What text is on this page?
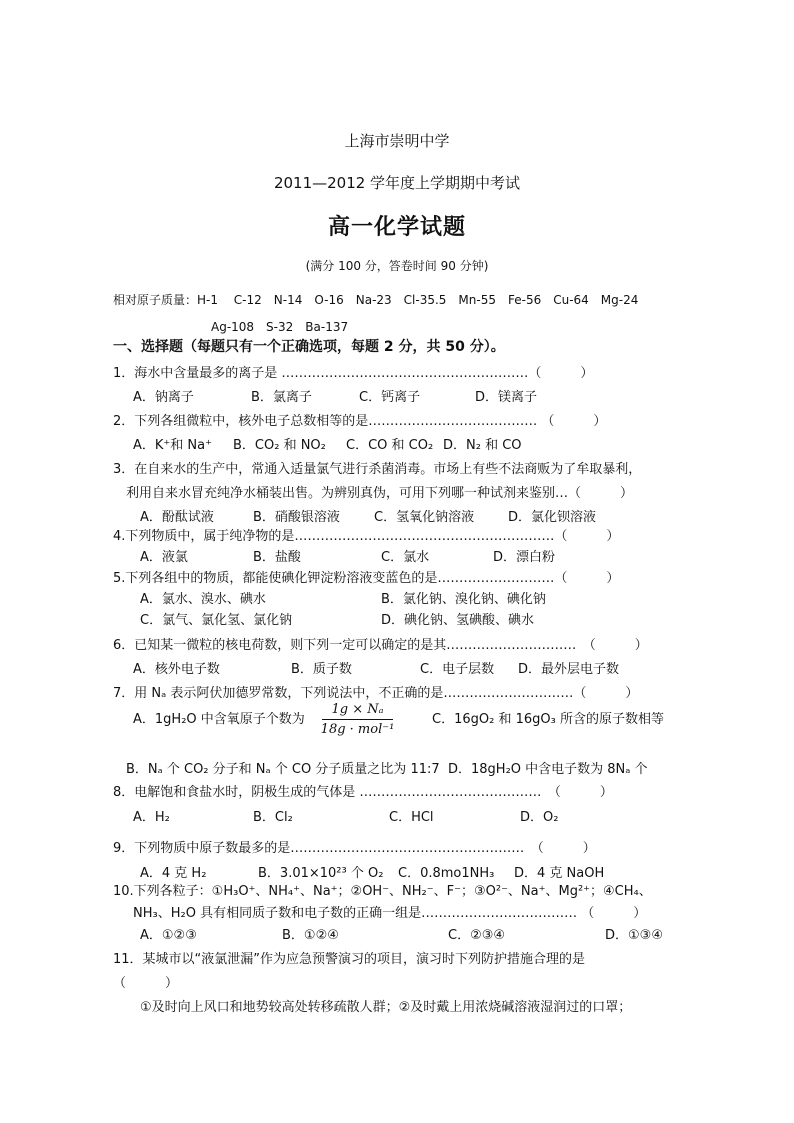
上海市崇明中学
2011—2012 学年度上学期期中考试
高一化学试题
(满分 100 分，答卷时间 90 分钟)
相对原子质量：H-1　 C-12　N-14　O-16　Na-23　Cl-35.5　Mn-55　Fe-56　Cu-64　Mg-24
Ag-108　S-32　Ba-137
一、选择题（每题只有一个正确选项，每题 2 分，共 50 分）。
1．海水中含量最多的离子是 …………………………………………………（　　　）
A．钠离子	B．氯离子	C．钙离子	D．镁离子
2．下列各组微粒中，核外电子总数相等的是………………………………… （　　　）
A．K⁺和 Na⁺ B．CO₂ 和 NO₂ C．CO 和 CO₂ D．N₂ 和 CO
3．在自来水的生产中，常通入适量氯气进行杀菌消毒。市场上有些不法商贩为了牟取暴利，
利用自来水冒充纯净水桶装出售。为辨别真伪，可用下列哪一种试剂来鉴别…（　　　）
A．酚酞试液	B．硝酸银溶液	C．氢氧化钠溶液	D．氯化钡溶液
4.下列物质中，属于纯净物的是……………………………………………………（　　　）
A．液氯	B．盐酸	C．氯水	D．漂白粉
5.下列各组中的物质，都能使碘化钾淀粉溶液变蓝色的是………………………（　　　）
A．氯水、溴水、碘水	B．氯化钠、溴化钠、碘化钠
C．氯气、氯化氢、氯化钠	D．碘化钠、氢碘酸、碘水
6．已知某一微粒的核电荷数，则下列一定可以确定的是其…………………………　（　　　）
A．核外电子数	B．质子数	C．电子层数 D．最外层电子数
7．用 Nₐ 表示阿伏加德罗常数，下列说法中，不正确的是…………………………（　　　）
A．1gH₂O 中含氧原子个数为
1g × Nₐ
18g · mol⁻¹
C．16gO₂ 和 16gO₃ 所含的原子数相等
B．Nₐ 个 CO₂ 分子和 Nₐ 个 CO 分子质量之比为 11:7 D．18gH₂O 中含电子数为 8Nₐ 个
8．电解饱和食盐水时，阴极生成的气体是 ……………………………………　（　　　）
A．H₂	B．Cl₂	C．HCl	D．O₂
9．下列物质中原子数最多的是………………………………………………　（　　　）
A．4 克 H₂	B．3.01×10²³ 个 O₂ C．0.8mo1NH₃ D．4 克 NaOH
10.下列各粒子：①H₃O⁺、NH₄⁺、Na⁺；②OH⁻、NH₂⁻、F⁻；③O²⁻、Na⁺、Mg²⁺；④CH₄、
NH₃、H₂O 具有相同质子数和电子数的正确一组是……………………………… （　　　）
A．①②③	B．①②④	C．②③④	D．①③④
11．某城市以“液氯泄漏”作为应急预警演习的项目，演习时下列防护措施合理的是
（　　　）
①及时向上风口和地势较高处转移疏散人群；②及时戴上用浓烧碱溶液湿润过的口罩；
